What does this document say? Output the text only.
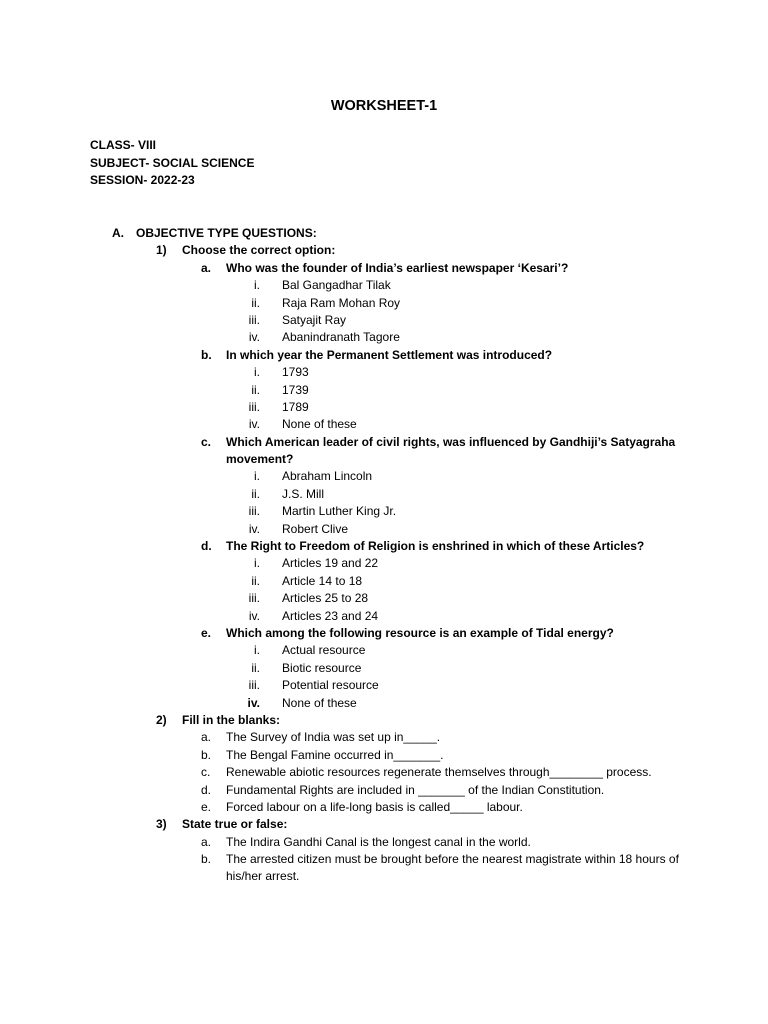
WORKSHEET-1
CLASS- VIII
SUBJECT- SOCIAL SCIENCE
SESSION- 2022-23
A. OBJECTIVE TYPE QUESTIONS:
1) Choose the correct option:
a. Who was the founder of India’s earliest newspaper ‘Kesari’?
i. Bal Gangadhar Tilak
ii. Raja Ram Mohan Roy
iii. Satyajit Ray
iv. Abanindranath Tagore
b. In which year the Permanent Settlement was introduced?
i. 1793
ii. 1739
iii. 1789
iv. None of these
c. Which American leader of civil rights, was influenced by Gandhiji’s Satyagraha movement?
i. Abraham Lincoln
ii. J.S. Mill
iii. Martin Luther King Jr.
iv. Robert Clive
d. The Right to Freedom of Religion is enshrined in which of these Articles?
i. Articles 19 and 22
ii. Article 14 to 18
iii. Articles 25 to 28
iv. Articles 23 and 24
e. Which among the following resource is an example of Tidal energy?
i. Actual resource
ii. Biotic resource
iii. Potential resource
iv. None of these
2) Fill in the blanks:
a. The Survey of India was set up in_____.
b. The Bengal Famine occurred in_______.
c. Renewable abiotic resources regenerate themselves through________ process.
d. Fundamental Rights are included in _______ of the Indian Constitution.
e. Forced labour on a life-long basis is called_____ labour.
3) State true or false:
a. The Indira Gandhi Canal is the longest canal in the world.
b. The arrested citizen must be brought before the nearest magistrate within 18 hours of his/her arrest.
